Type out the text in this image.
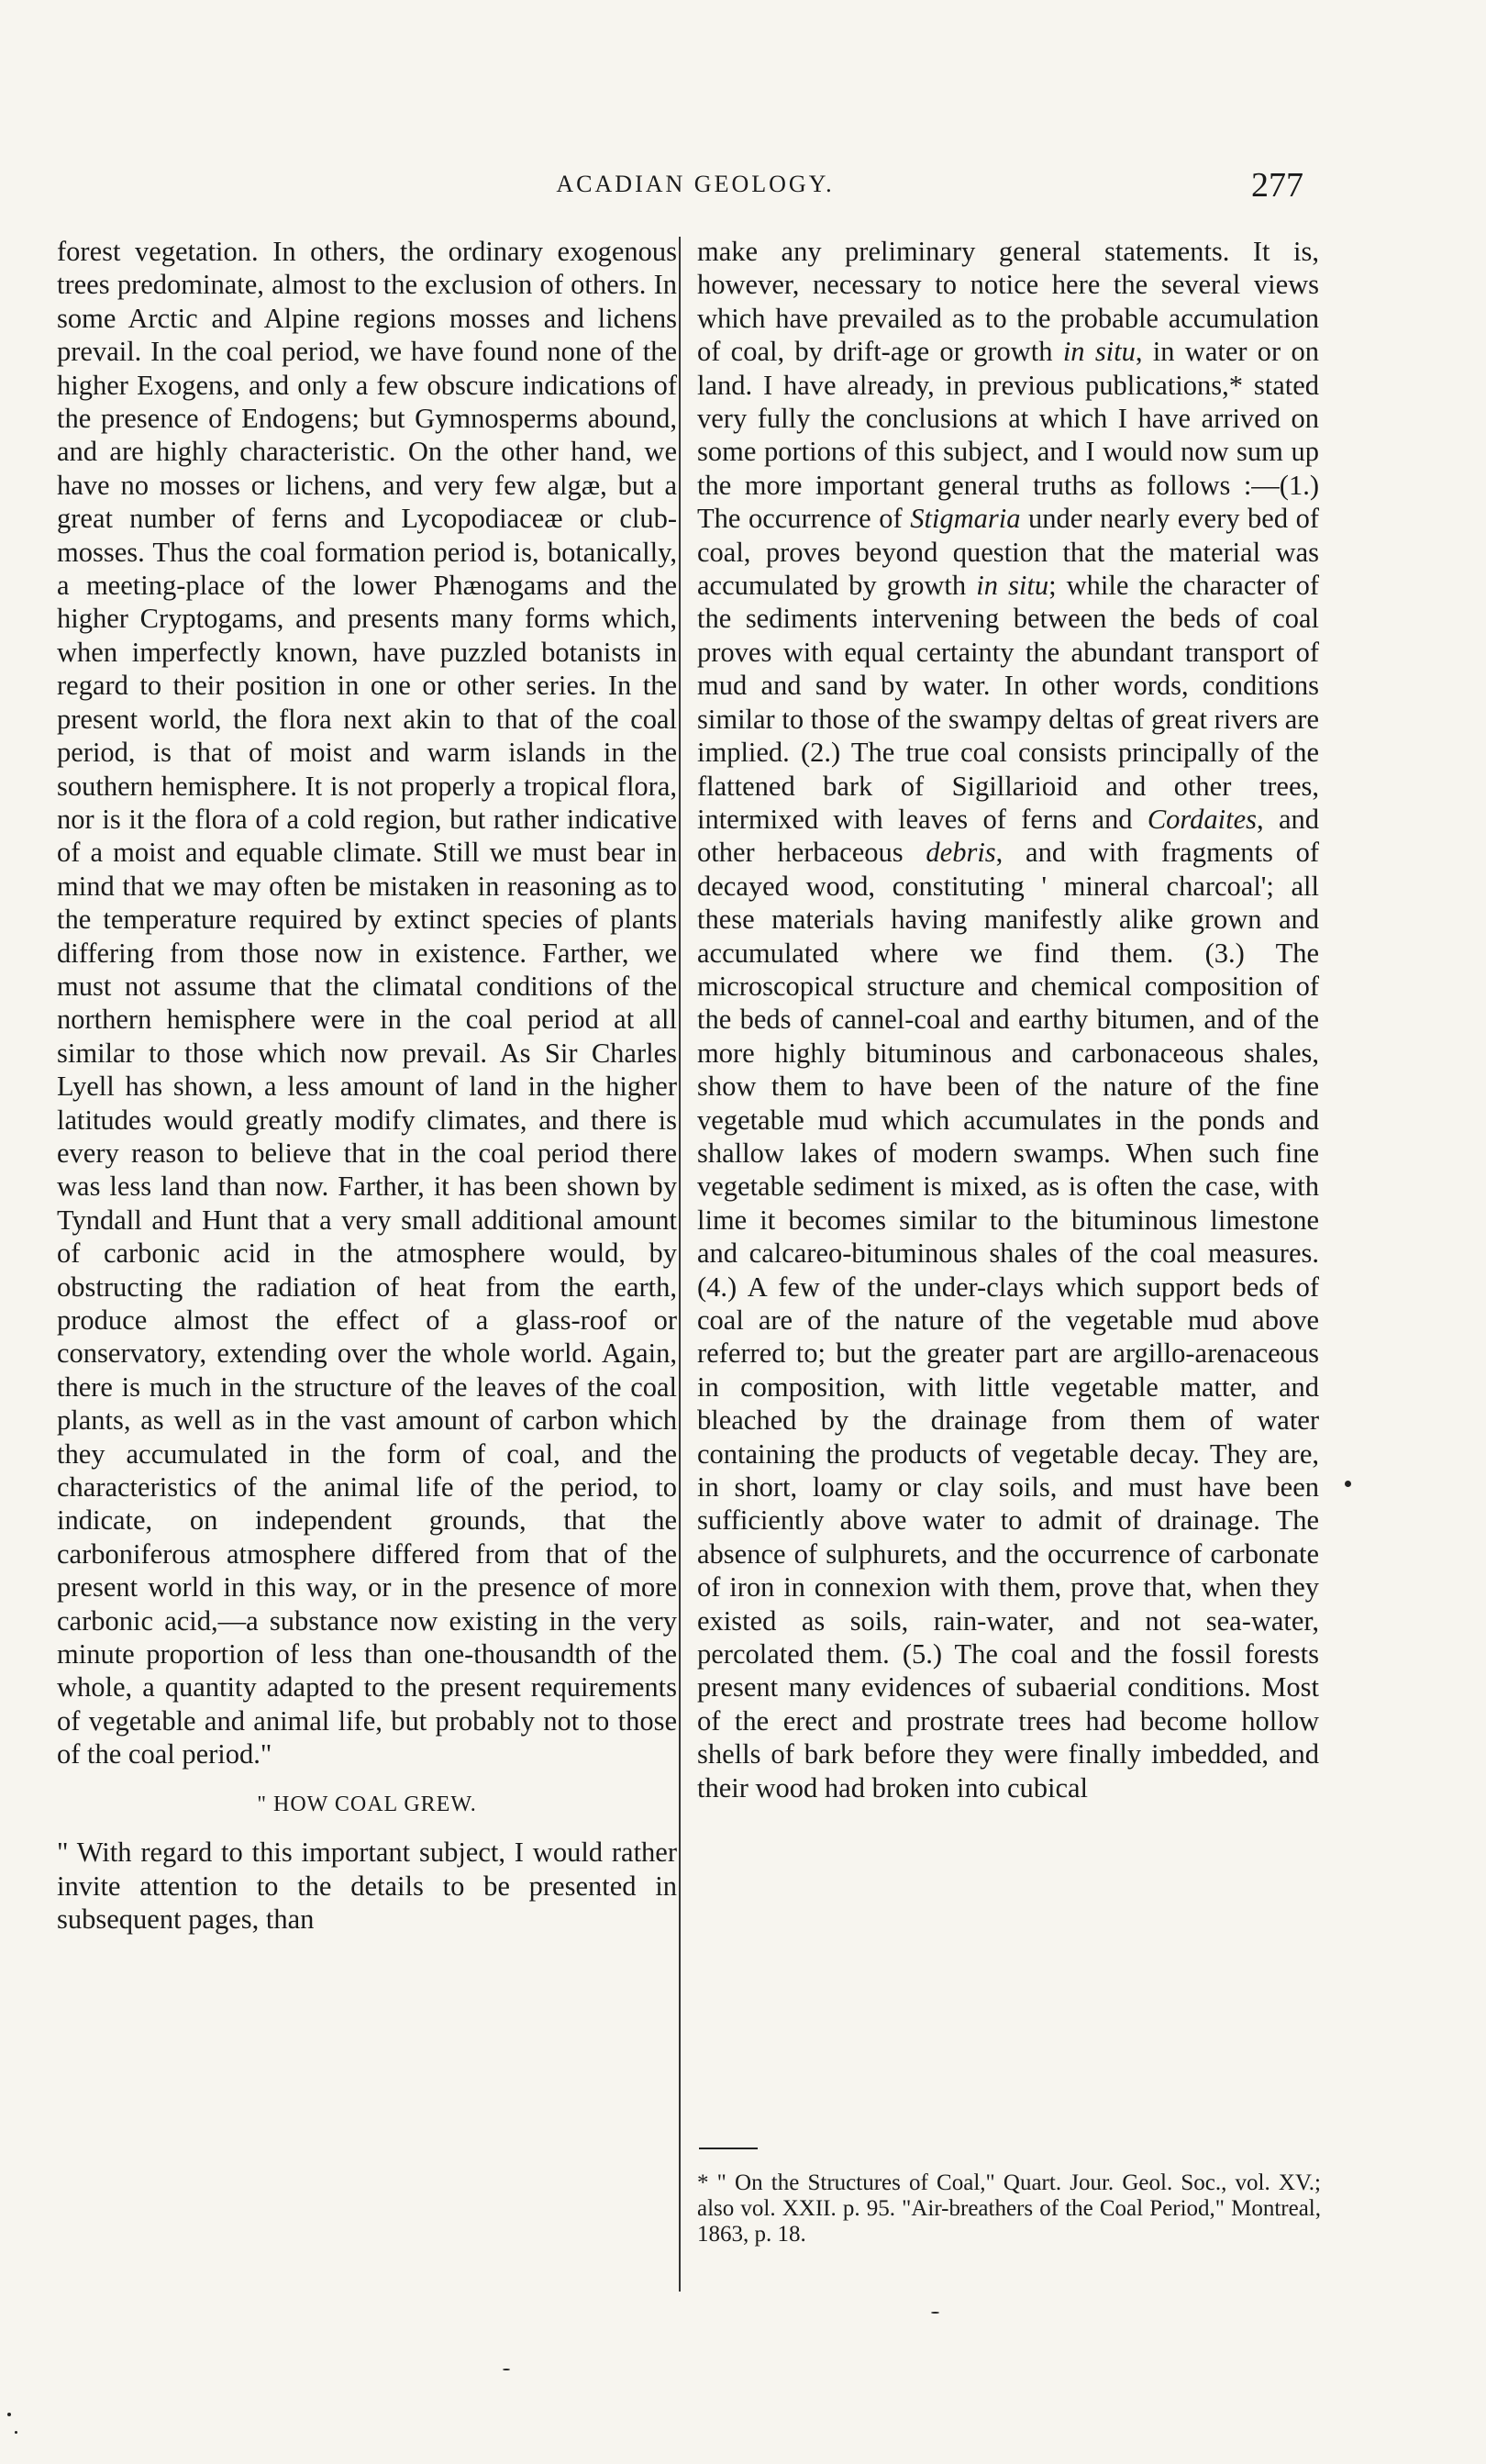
ACADIAN GEOLOGY.	277

forest vegetation. In others, the ordinary exogenous trees predominate, almost to the exclusion of others. In some Arctic and Alpine regions mosses and lichens prevail. In the coal period, we have found none of the higher Exogens, and only a few obscure indications of the presence of Endogens; but Gymnosperms abound, and are highly characteristic. On the other hand, we have no mosses or lichens, and very few algæ, but a great number of ferns and Lycopodiaceæ or club-mosses. Thus the coal formation period is, botanically, a meeting-place of the lower Phænogams and the higher Cryptogams, and presents many forms which, when imperfectly known, have puzzled botanists in regard to their position in one or other series. In the present world, the flora next akin to that of the coal period, is that of moist and warm islands in the southern hemisphere. It is not properly a tropical flora, nor is it the flora of a cold region, but rather indicative of a moist and equable climate. Still we must bear in mind that we may often be mistaken in reasoning as to the temperature required by extinct species of plants differing from those now in existence. Farther, we must not assume that the climatal conditions of the northern hemisphere were in the coal period at all similar to those which now prevail. As Sir Charles Lyell has shown, a less amount of land in the higher latitudes would greatly modify climates, and there is every reason to believe that in the coal period there was less land than now. Farther, it has been shown by Tyndall and Hunt that a very small additional amount of carbonic acid in the atmosphere would, by obstructing the radiation of heat from the earth, produce almost the effect of a glass-roof or conservatory, extending over the whole world. Again, there is much in the structure of the leaves of the coal plants, as well as in the vast amount of carbon which they accumulated in the form of coal, and the characteristics of the animal life of the period, to indicate, on independent grounds, that the carboniferous atmosphere differed from that of the present world in this way, or in the presence of more carbonic acid,—a substance now existing in the very minute proportion of less than one-thousandth of the whole, a quantity adapted to the present requirements of vegetable and animal life, but probably not to those of the coal period."

" HOW COAL GREW.

" With regard to this important subject, I would rather invite attention to the details to be presented in subsequent pages, than

make any preliminary general statements. It is, however, necessary to notice here the several views which have prevailed as to the probable accumulation of coal, by drift-age or growth in situ, in water or on land. I have already, in previous publications,* stated very fully the conclusions at which I have arrived on some portions of this subject, and I would now sum up the more important general truths as follows :—(1.) The occurrence of Stigmaria under nearly every bed of coal, proves beyond question that the material was accumulated by growth in situ; while the character of the sediments intervening between the beds of coal proves with equal certainty the abundant transport of mud and sand by water. In other words, conditions similar to those of the swampy deltas of great rivers are implied. (2.) The true coal consists principally of the flattened bark of Sigillarioid and other trees, intermixed with leaves of ferns and Cordaites, and other herbaceous debris, and with fragments of decayed wood, constituting ' mineral charcoal'; all these materials having manifestly alike grown and accumulated where we find them. (3.) The microscopical structure and chemical composition of the beds of cannel-coal and earthy bitumen, and of the more highly bituminous and carbonaceous shales, show them to have been of the nature of the fine vegetable mud which accumulates in the ponds and shallow lakes of modern swamps. When such fine vegetable sediment is mixed, as is often the case, with lime it becomes similar to the bituminous limestone and calcareo-bituminous shales of the coal measures. (4.) A few of the under-clays which support beds of coal are of the nature of the vegetable mud above referred to; but the greater part are argillo-arenaceous in composition, with little vegetable matter, and bleached by the drainage from them of water containing the products of vegetable decay. They are, in short, loamy or clay soils, and must have been sufficiently above water to admit of drainage. The absence of sulphurets, and the occurrence of carbonate of iron in connexion with them, prove that, when they existed as soils, rain-water, and not sea-water, percolated them. (5.) The coal and the fossil forests present many evidences of subaerial conditions. Most of the erect and prostrate trees had become hollow shells of bark before they were finally imbedded, and their wood had broken into cubical

* " On the Structures of Coal," Quart. Jour. Geol. Soc., vol. XV.; also vol. XXII. p. 95. "Air-breathers of the Coal Period," Montreal, 1863, p. 18.
